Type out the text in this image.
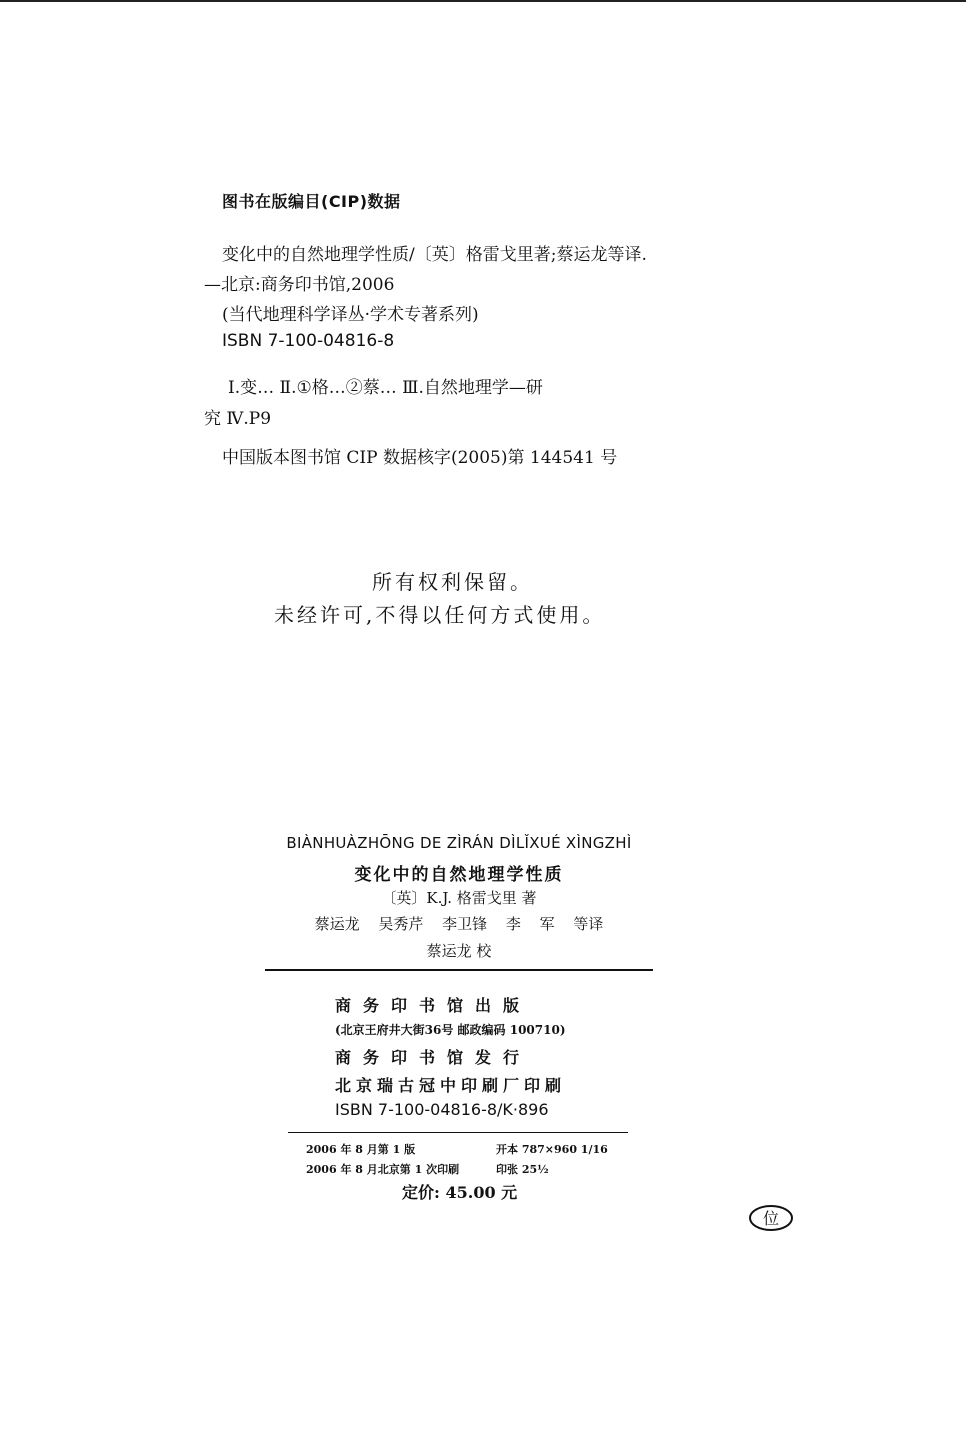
图书在版编目(CIP)数据
变化中的自然地理学性质/〔英〕格雷戈里著;蔡运龙等译.
—北京:商务印书馆,2006
(当代地理科学译丛·学术专著系列)
ISBN 7-100-04816-8
Ⅰ.变… Ⅱ.①格…②蔡… Ⅲ.自然地理学—研
究 Ⅳ.P9
中国版本图书馆 CIP 数据核字(2005)第 144541 号
所有权利保留。
未经许可,不得以任何方式使用。
BIÀNHUÀZHŌNG DE ZÌRÁN DÌLǏXUÉ XÌNGZHÌ
变化中的自然地理学性质
〔英〕K.J. 格雷戈里 著
蔡运龙 吴秀芹 李卫锋 李 军 等译
蔡运龙 校
商务印书馆出版
(北京王府井大街36号 邮政编码 100710)
商务印书馆发行
北京瑞古冠中印刷厂印刷
ISBN 7-100-04816-8/K·896
2006 年 8 月第 1 版	开本 787×960 1/16
2006 年 8 月北京第 1 次印刷	印张 25½
定价: 45.00 元
位
